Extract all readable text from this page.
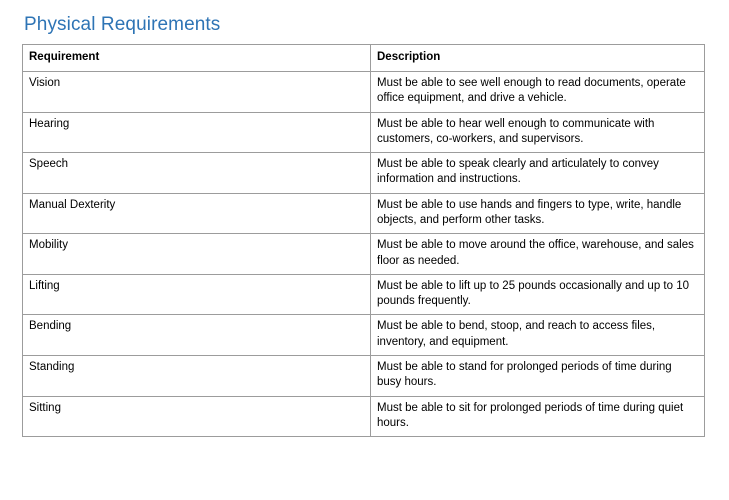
Physical Requirements
Requirement	Description
Vision	Must be able to see well enough to read documents, operate office equipment, and drive a vehicle.
Hearing	Must be able to hear well enough to communicate with customers, co-workers, and supervisors.
Speech	Must be able to speak clearly and articulately to convey information and instructions.
Manual Dexterity	Must be able to use hands and fingers to type, write, handle objects, and perform other tasks.
Mobility	Must be able to move around the office, warehouse, and sales floor as needed.
Lifting	Must be able to lift up to 25 pounds occasionally and up to 10 pounds frequently.
Bending	Must be able to bend, stoop, and reach to access files, inventory, and equipment.
Standing	Must be able to stand for prolonged periods of time during busy hours.
Sitting	Must be able to sit for prolonged periods of time during quiet hours.
